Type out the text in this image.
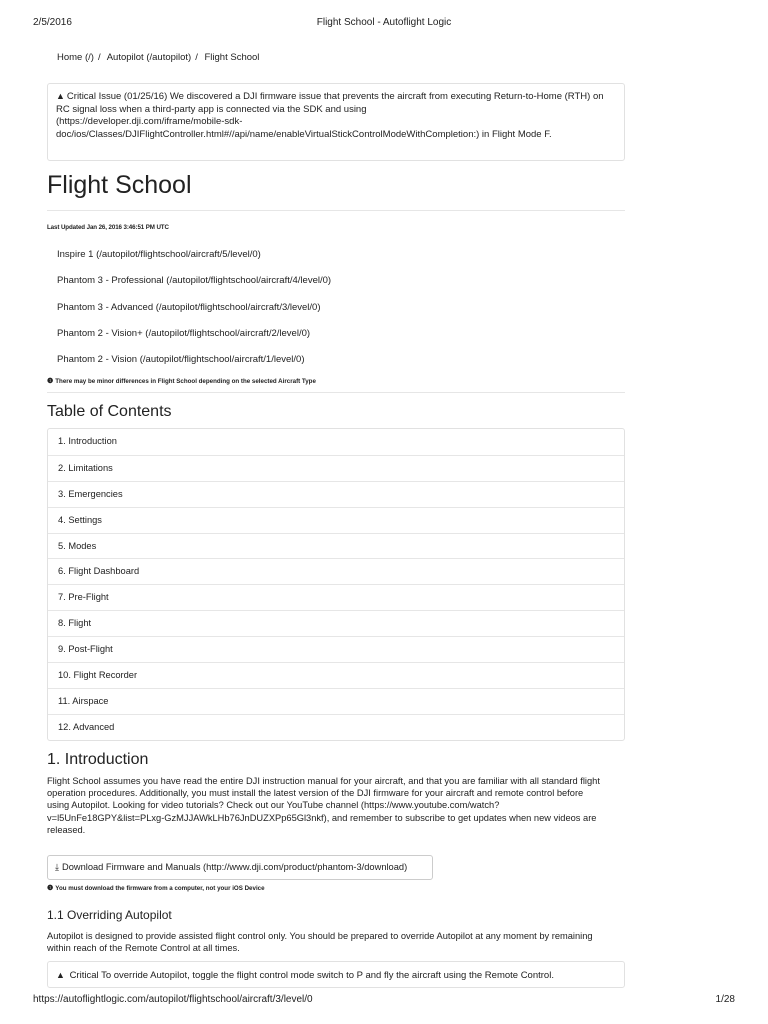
2/5/2016	Flight School - Autoflight Logic
Home (/) / Autopilot (/autopilot) / Flight School
▲ Critical Issue (01/25/16) We discovered a DJI firmware issue that prevents the aircraft from executing Return-to-Home (RTH) on
RC signal loss when a third-party app is connected via the SDK and using
(https://developer.dji.com/iframe/mobile-sdk-
doc/ios/Classes/DJIFlightController.html#//api/name/enableVirtualStickControlModeWithCompletion:) in Flight Mode F.
Flight School
Last Updated Jan 26, 2016 3:46:51 PM UTC
Inspire 1 (/autopilot/flightschool/aircraft/5/level/0)
Phantom 3 - Professional (/autopilot/flightschool/aircraft/4/level/0)
Phantom 3 - Advanced (/autopilot/flightschool/aircraft/3/level/0)
Phantom 2 - Vision+ (/autopilot/flightschool/aircraft/2/level/0)
Phantom 2 - Vision (/autopilot/flightschool/aircraft/1/level/0)
❶ There may be minor differences in Flight School depending on the selected Aircraft Type
Table of Contents
1. Introduction
2. Limitations
3. Emergencies
4. Settings
5. Modes
6. Flight Dashboard
7. Pre-Flight
8. Flight
9. Post-Flight
10. Flight Recorder
11. Airspace
12. Advanced
1. Introduction
Flight School assumes you have read the entire DJI instruction manual for your aircraft, and that you are familiar with all standard flight
operation procedures. Additionally, you must install the latest version of the DJI firmware for your aircraft and remote control before
using Autopilot. Looking for video tutorials? Check out our YouTube channel (https://www.youtube.com/watch?
v=l5UnFe18GPY&list=PLxg-GzMJJAWkLHb76JnDUZXPp65Gl3nkf), and remember to subscribe to get updates when new videos are
released.
⤓ Download Firmware and Manuals (http://www.dji.com/product/phantom-3/download)
❶ You must download the firmware from a computer, not your iOS Device
1.1 Overriding Autopilot
Autopilot is designed to provide assisted flight control only. You should be prepared to override Autopilot at any moment by remaining
within reach of the Remote Control at all times.
▲ Critical To override Autopilot, toggle the flight control mode switch to P and fly the aircraft using the Remote Control.
https://autoflightlogic.com/autopilot/flightschool/aircraft/3/level/0	1/28
